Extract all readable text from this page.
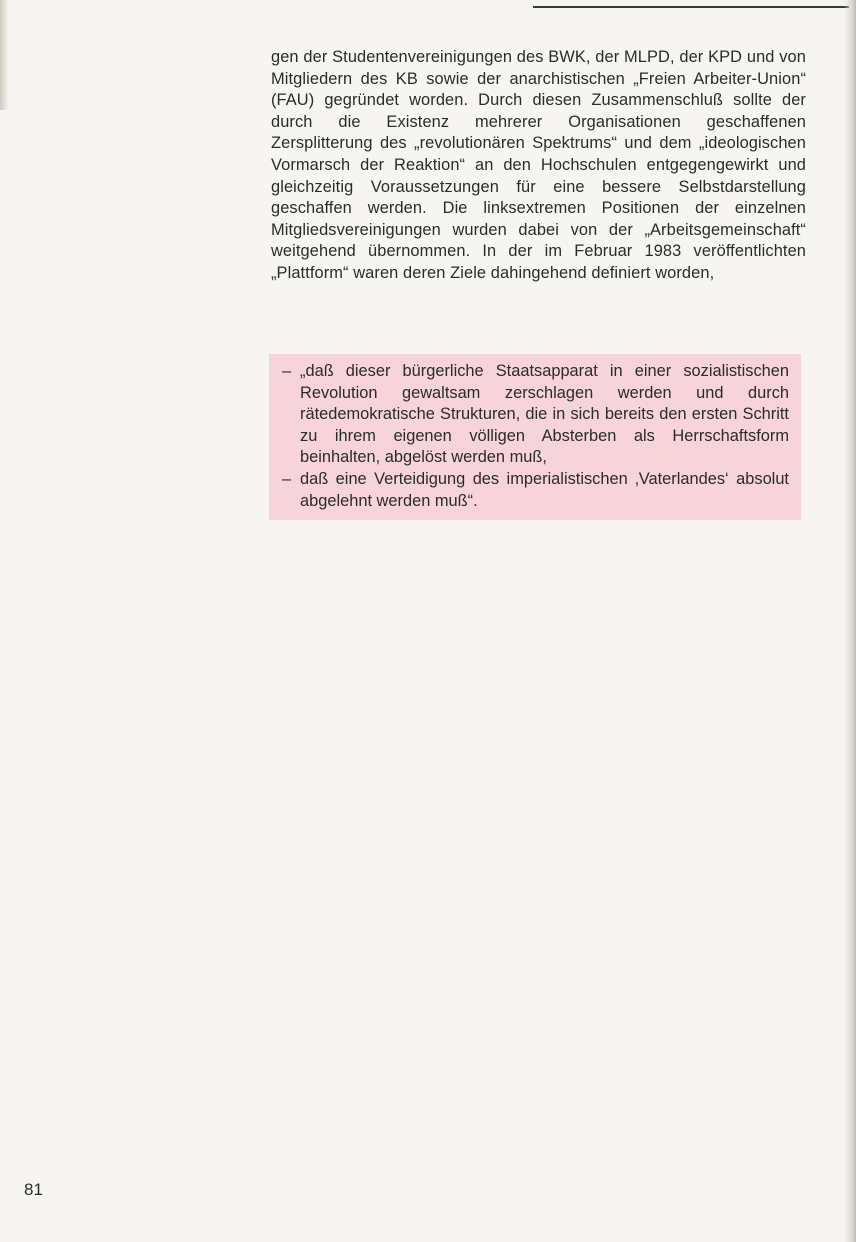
gen der Studentenvereinigungen des BWK, der MLPD, der KPD und von Mitgliedern des KB sowie der anarchistischen „Freien Arbeiter-Union“ (FAU) gegründet worden. Durch diesen Zusammenschluß sollte der durch die Existenz mehrerer Organisationen geschaffenen Zersplitterung des „revolutionären Spektrums“ und dem „ideologischen Vormarsch der Reaktion“ an den Hochschulen entgegengewirkt und gleichzeitig Voraussetzungen für eine bessere Selbstdarstellung geschaffen werden. Die linksextremen Positionen der einzelnen Mitgliedsvereinigungen wurden dabei von der „Arbeitsgemeinschaft“ weitgehend übernommen. In der im Februar 1983 veröffentlichten „Plattform“ waren deren Ziele dahingehend definiert worden,

– „daß dieser bürgerliche Staatsapparat in einer sozialistischen Revolution gewaltsam zerschlagen werden und durch rätedemokratische Strukturen, die in sich bereits den ersten Schritt zu ihrem eigenen völligen Absterben als Herrschaftsform beinhalten, abgelöst werden muß,
– daß eine Verteidigung des imperialistischen ‚Vaterlandes‘ absolut abgelehnt werden muß“.
81
